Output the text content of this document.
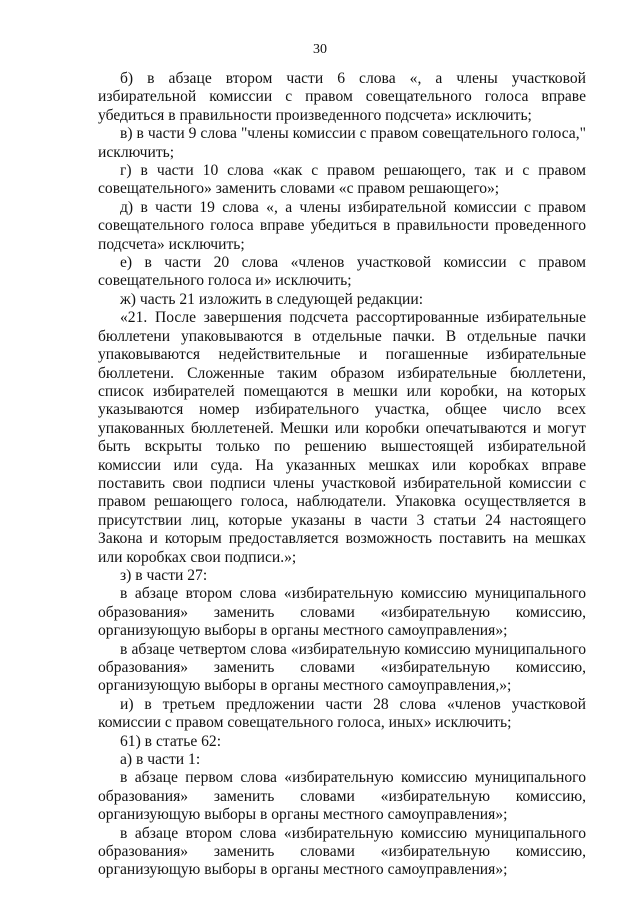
30

б) в абзаце втором части 6 слова «, а члены участковой избирательной комиссии с правом совещательного голоса вправе убедиться в правильности произведенного подсчета» исключить;

в) в части 9 слова "члены комиссии с правом совещательного голоса," исключить;

г) в части 10 слова «как с правом решающего, так и с правом совещательного» заменить словами «с правом решающего»;

д) в части 19 слова «, а члены избирательной комиссии с правом совещательного голоса вправе убедиться в правильности проведенного подсчета» исключить;

е) в части 20 слова «членов участковой комиссии с правом совещательного голоса и» исключить;

ж) часть 21 изложить в следующей редакции:

«21. После завершения подсчета рассортированные избирательные бюллетени упаковываются в отдельные пачки. В отдельные пачки упаковываются недействительные и погашенные избирательные бюллетени. Сложенные таким образом избирательные бюллетени, список избирателей помещаются в мешки или коробки, на которых указываются номер избирательного участка, общее число всех упакованных бюллетеней. Мешки или коробки опечатываются и могут быть вскрыты только по решению вышестоящей избирательной комиссии или суда. На указанных мешках или коробках вправе поставить свои подписи члены участковой избирательной комиссии с правом решающего голоса, наблюдатели. Упаковка осуществляется в присутствии лиц, которые указаны в части 3 статьи 24 настоящего Закона и которым предоставляется возможность поставить на мешках или коробках свои подписи.»;

з) в части 27:

в абзаце втором слова «избирательную комиссию муниципального образования» заменить словами «избирательную комиссию, организующую выборы в органы местного самоуправления»;

в абзаце четвертом слова «избирательную комиссию муниципального образования» заменить словами «избирательную комиссию, организующую выборы в органы местного самоуправления,»;

и) в третьем предложении части 28 слова «членов участковой комиссии с правом совещательного голоса, иных» исключить;

61) в статье 62:

а) в части 1:

в абзаце первом слова «избирательную комиссию муниципального образования» заменить словами «избирательную комиссию, организующую выборы в органы местного самоуправления»;

в абзаце втором слова «избирательную комиссию муниципального образования» заменить словами «избирательную комиссию, организующую выборы в органы местного самоуправления»;
